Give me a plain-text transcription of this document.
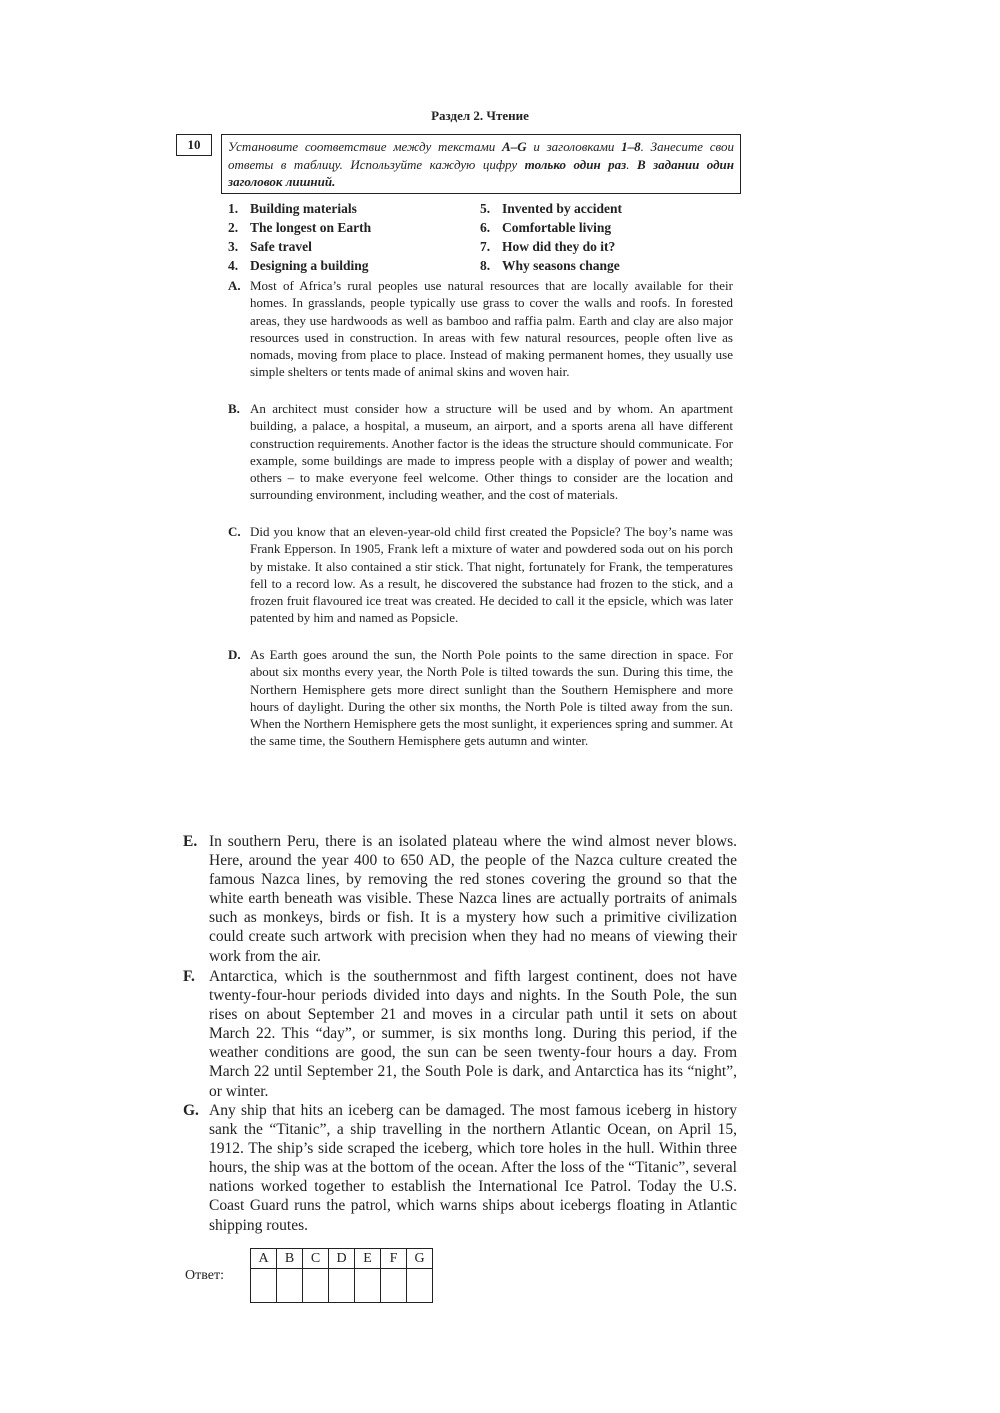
Раздел 2. Чтение
10	Установите соответствие между текстами A–G и заголовками 1–8. Занесите свои ответы в таблицу. Используйте каждую цифру только один раз. В задании один заголовок лишний.
1. Building materials
2. The longest on Earth
3. Safe travel
4. Designing a building
5. Invented by accident
6. Comfortable living
7. How did they do it?
8. Why seasons change
A. Most of Africa’s rural peoples use natural resources that are locally available for their homes. In grasslands, people typically use grass to cover the walls and roofs. In forested areas, they use hardwoods as well as bamboo and raffia palm. Earth and clay are also major resources used in construction. In areas with few natural resources, people often live as nomads, moving from place to place. Instead of making permanent homes, they usually use simple shelters or tents made of animal skins and woven hair.
B. An architect must consider how a structure will be used and by whom. An apartment building, a palace, a hospital, a museum, an airport, and a sports arena all have different construction requirements. Another factor is the ideas the structure should communicate. For example, some buildings are made to impress people with a display of power and wealth; others – to make everyone feel welcome. Other things to consider are the location and surrounding environment, including weather, and the cost of materials.
C. Did you know that an eleven-year-old child first created the Popsicle? The boy’s name was Frank Epperson. In 1905, Frank left a mixture of water and powdered soda out on his porch by mistake. It also contained a stir stick. That night, fortunately for Frank, the temperatures fell to a record low. As a result, he discovered the substance had frozen to the stick, and a frozen fruit flavoured ice treat was created. He decided to call it the epsicle, which was later patented by him and named as Popsicle.
D. As Earth goes around the sun, the North Pole points to the same direction in space. For about six months every year, the North Pole is tilted towards the sun. During this time, the Northern Hemisphere gets more direct sunlight than the Southern Hemisphere and more hours of daylight. During the other six months, the North Pole is tilted away from the sun. When the Northern Hemisphere gets the most sunlight, it experiences spring and summer. At the same time, the Southern Hemisphere gets autumn and winter.
E. In southern Peru, there is an isolated plateau where the wind almost never blows. Here, around the year 400 to 650 AD, the people of the Nazca culture created the famous Nazca lines, by removing the red stones covering the ground so that the white earth beneath was visible. These Nazca lines are actually portraits of animals such as monkeys, birds or fish. It is a mystery how such a primitive civilization could create such artwork with precision when they had no means of viewing their work from the air.
F. Antarctica, which is the southernmost and fifth largest continent, does not have twenty-four-hour periods divided into days and nights. In the South Pole, the sun rises on about September 21 and moves in a circular path until it sets on about March 22. This “day”, or summer, is six months long. During this period, if the weather conditions are good, the sun can be seen twenty-four hours a day. From March 22 until September 21, the South Pole is dark, and Antarctica has its “night”, or winter.
G. Any ship that hits an iceberg can be damaged. The most famous iceberg in history sank the “Titanic”, a ship travelling in the northern Atlantic Ocean, on April 15, 1912. The ship’s side scraped the iceberg, which tore holes in the hull. Within three hours, the ship was at the bottom of the ocean. After the loss of the “Titanic”, several nations worked together to establish the International Ice Patrol. Today the U.S. Coast Guard runs the patrol, which warns ships about icebergs floating in Atlantic shipping routes.
Ответ:
A	B	C	D	E	F	G
